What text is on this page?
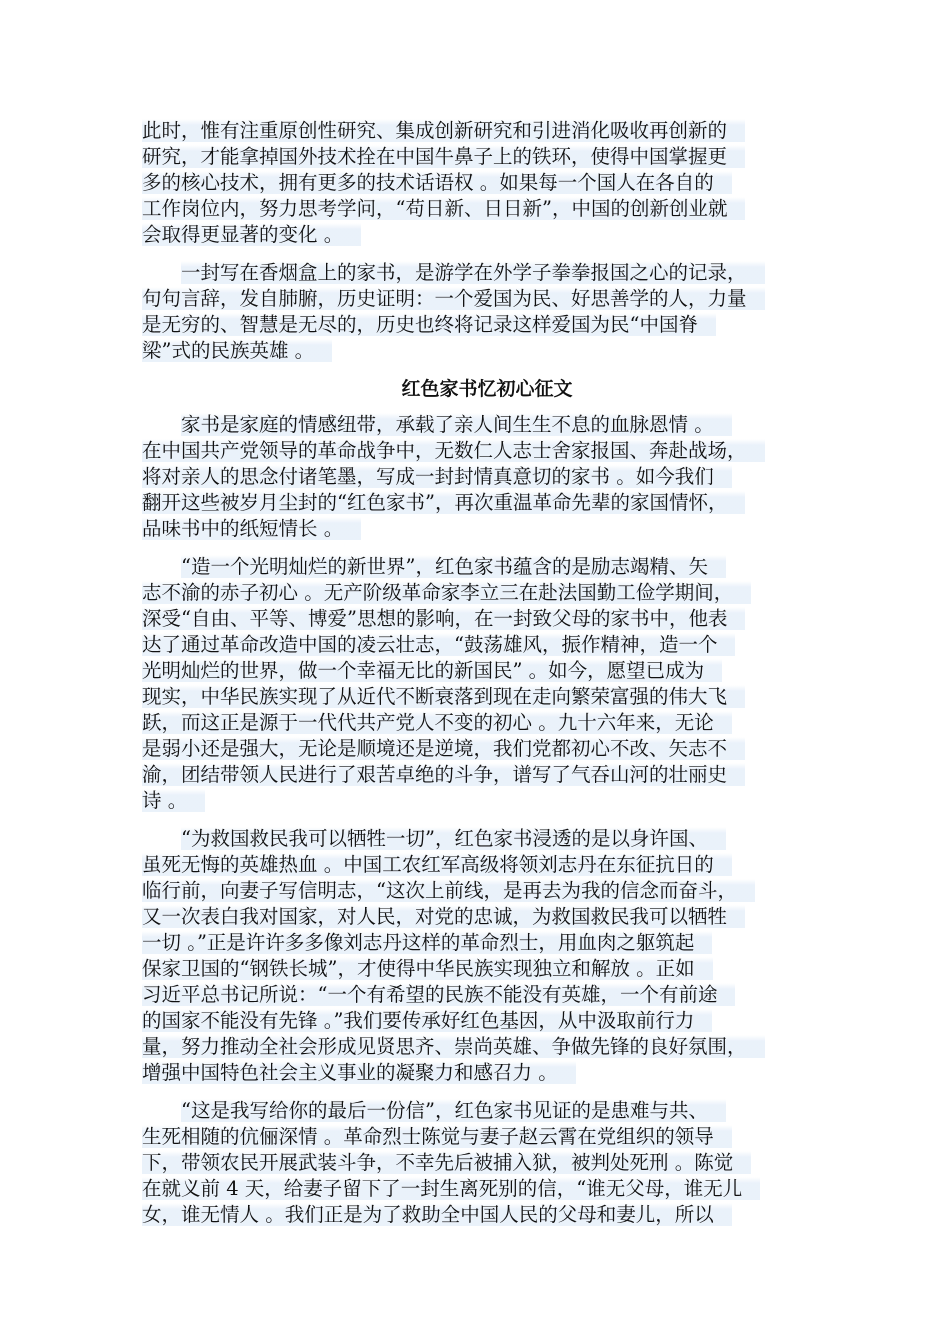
此时，惟有注重原创性研究、集成创新研究和引进消化吸收再创新的
研究，才能拿掉国外技术拴在中国牛鼻子上的铁环，使得中国掌握更
多的核心技术，拥有更多的技术话语权 。如果每一个国人在各自的
工作岗位内，努力思考学问，“苟日新、日日新”，中国的创新创业就
会取得更显著的变化 。
一封写在香烟盒上的家书，是游学在外学子拳拳报国之心的记录，
句句言辞，发自肺腑，历史证明：一个爱国为民、好思善学的人，力量
是无穷的、智慧是无尽的，历史也终将记录这样爱国为民“中国脊
梁”式的民族英雄 。
红色家书忆初心征文
家书是家庭的情感纽带，承载了亲人间生生不息的血脉恩情 。
在中国共产党领导的革命战争中，无数仁人志士舍家报国、奔赴战场，
将对亲人的思念付诸笔墨，写成一封封情真意切的家书 。如今我们
翻开这些被岁月尘封的“红色家书”，再次重温革命先辈的家国情怀，
品味书中的纸短情长 。
“造一个光明灿烂的新世界”，红色家书蕴含的是励志竭精、矢
志不渝的赤子初心 。无产阶级革命家李立三在赴法国勤工俭学期间，
深受“自由、平等、博爱”思想的影响，在一封致父母的家书中，他表
达了通过革命改造中国的凌云壮志，“鼓荡雄风，振作精神，造一个
光明灿烂的世界，做一个幸福无比的新国民” 。如今，愿望已成为
现实，中华民族实现了从近代不断衰落到现在走向繁荣富强的伟大飞
跃，而这正是源于一代代共产党人不变的初心 。九十六年来，无论
是弱小还是强大，无论是顺境还是逆境，我们党都初心不改、矢志不
渝，团结带领人民进行了艰苦卓绝的斗争，谱写了气吞山河的壮丽史
诗 。
“为救国救民我可以牺牲一切”，红色家书浸透的是以身许国、
虽死无悔的英雄热血 。中国工农红军高级将领刘志丹在东征抗日的
临行前，向妻子写信明志，“这次上前线，是再去为我的信念而奋斗，
又一次表白我对国家，对人民，对党的忠诚，为救国救民我可以牺牲
一切 。”正是许许多多像刘志丹这样的革命烈士，用血肉之躯筑起
保家卫国的“钢铁长城”，才使得中华民族实现独立和解放 。正如
习近平总书记所说：“一个有希望的民族不能没有英雄，一个有前途
的国家不能没有先锋 。”我们要传承好红色基因，从中汲取前行力
量，努力推动全社会形成见贤思齐、崇尚英雄、争做先锋的良好氛围，
增强中国特色社会主义事业的凝聚力和感召力 。
“这是我写给你的最后一份信”，红色家书见证的是患难与共、
生死相随的伉俪深情 。革命烈士陈觉与妻子赵云霄在党组织的领导
下，带领农民开展武装斗争，不幸先后被捕入狱，被判处死刑 。陈觉
在就义前 4 天，给妻子留下了一封生离死别的信，“谁无父母，谁无儿
女，谁无情人 。我们正是为了救助全中国人民的父母和妻儿，所以
